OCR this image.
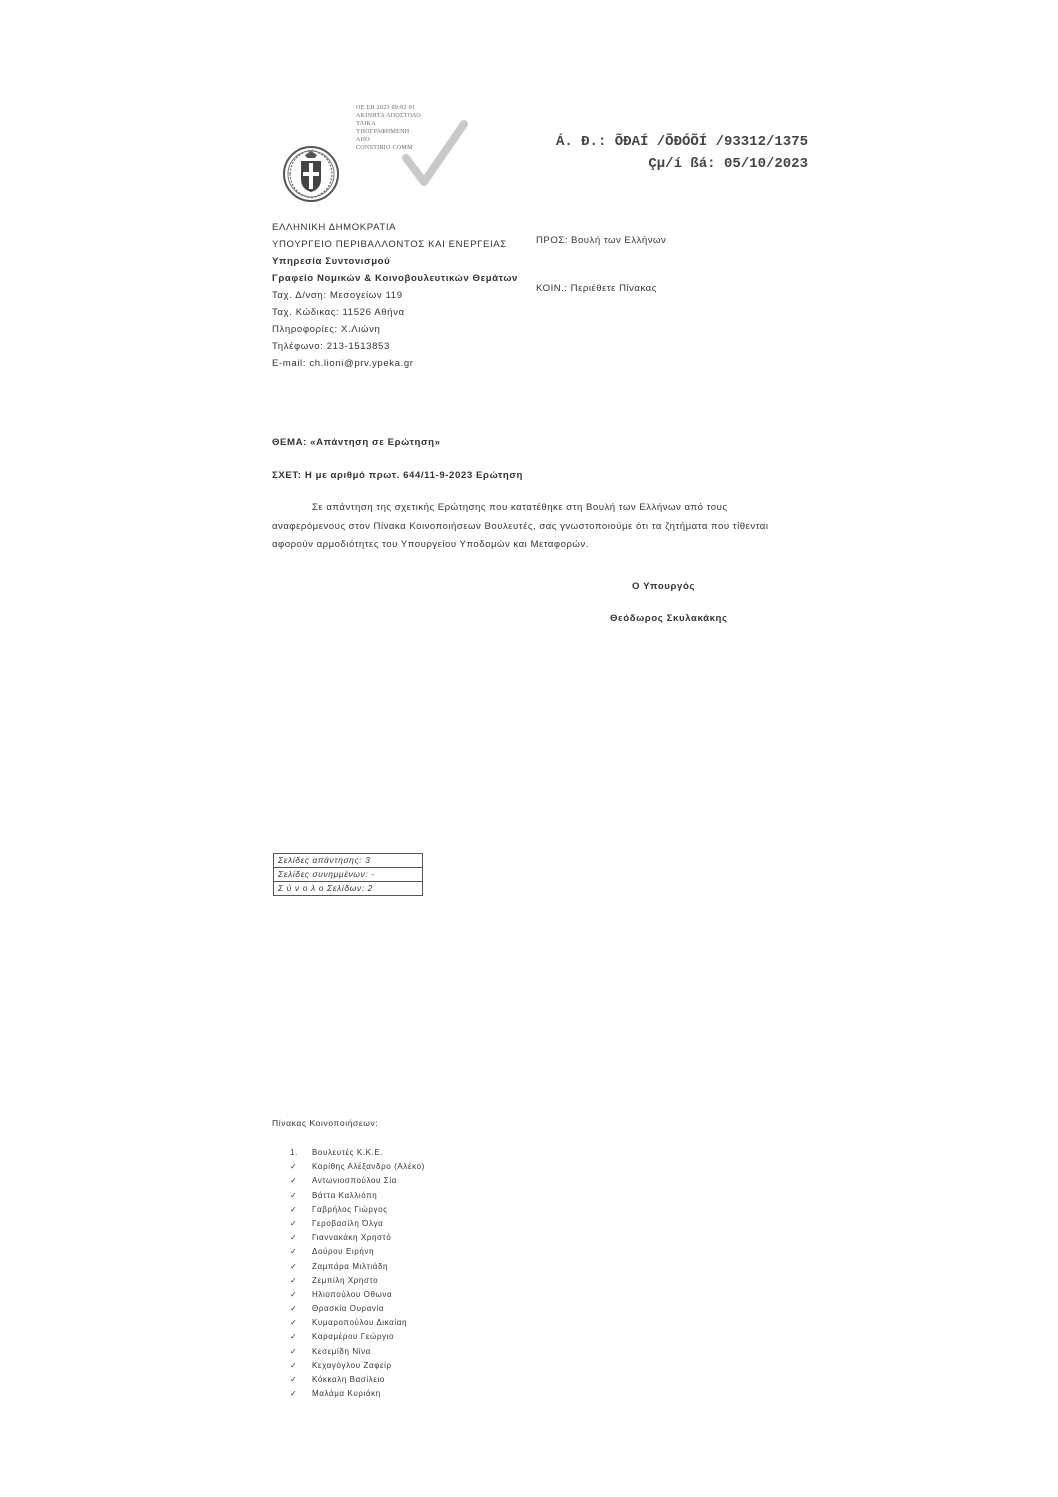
ΟΕ ΣΗ 2023 09:02 01
ΑΚΙΝΗΤΑ ΑΠΟΣΤΟΛΟ
ΥΛΙΚΑ
ΥΠΟΓΡΑΦΗΜΕΝΗ
ΑΠΟ
CONSTIRIO COMM	Á. Đ.: ÕĐAÍ /ÕĐÓÕÍ /93312/1375
Çµ/í ßá: 05/10/2023
ΕΛΛΗΝΙΚΗ ΔΗΜΟΚΡΑΤΙΑ
ΥΠΟΥΡΓΕΙΟ ΠΕΡΙΒΑΛΛΟΝΤΟΣ ΚΑΙ ΕΝΕΡΓΕΙΑΣ
Υπηρεσία Συντονισμού
Γραφείο Νομικών & Κοινοβουλευτικών Θεμάτων
Ταχ. Δ/νση: Μεσογείων 119
Ταχ. Κώδικας: 11526 Αθήνα
Πληροφορίες: Χ.Λιώνη
Τηλέφωνο: 213-1513853
E-mail: ch.lioni@prv.ypeka.gr
ΠΡΟΣ: Βουλή των Ελλήνων
ΚΟΙΝ.: Περιέθετε Πίνακας
ΘΕΜΑ: «Απάντηση σε Ερώτηση»
ΣΧΕΤ: Η με αριθμό πρωτ. 644/11-9-2023 Ερώτηση

Σε απάντηση της σχετικής Ερώτησης που κατατέθηκε στη Βουλή των Ελλήνων από τους αναφερόμενους στον Πίνακα Κοινοποιήσεων Βουλευτές, σας γνωστοποιούμε ότι τα ζητήματα που τίθενται αφορούν αρμοδιότητες του Υπουργείου Υποδομών και Μεταφορών.

Ο Υπουργός
Θεόδωρος Σκυλακάκης
Σελίδες απάντησης: 3
Σελίδες συνημμένων: -
Σ ύ ν ο λ ο Σελίδων: 2
Πίνακας Κοινοποιήσεων:
1. Βουλευτές Κ.Κ.Ε.
✓ Καρίθης Αλέξανδρο (Αλέκο)
✓ Αντωνιοσπούλου Σία
✓ Βάττα Καλλιόπη
✓ Γαβρήλος Γιώργος
✓ Γεροβασίλη Όλγα
✓ Γιαννακάκη Χρηστό
✓ Δούρου Ειρήνη
✓ Ζαμπάρα Μιλτιάδη
✓ Ζεμπίλη Χρηστο
✓ Ηλιοπούλου Οθωνα
✓ Θρασκία Ουρανία
✓ Κυμαροπούλου Δικαίαη
✓ Καραμέρου Γεώργιο
✓ Κεσεμίδη Νίνα
✓ Κεχαγόγλου Ζαφείρ
✓ Κόκκαλη Βασίλειο
✓ Μαλάμα Κυριάκη
